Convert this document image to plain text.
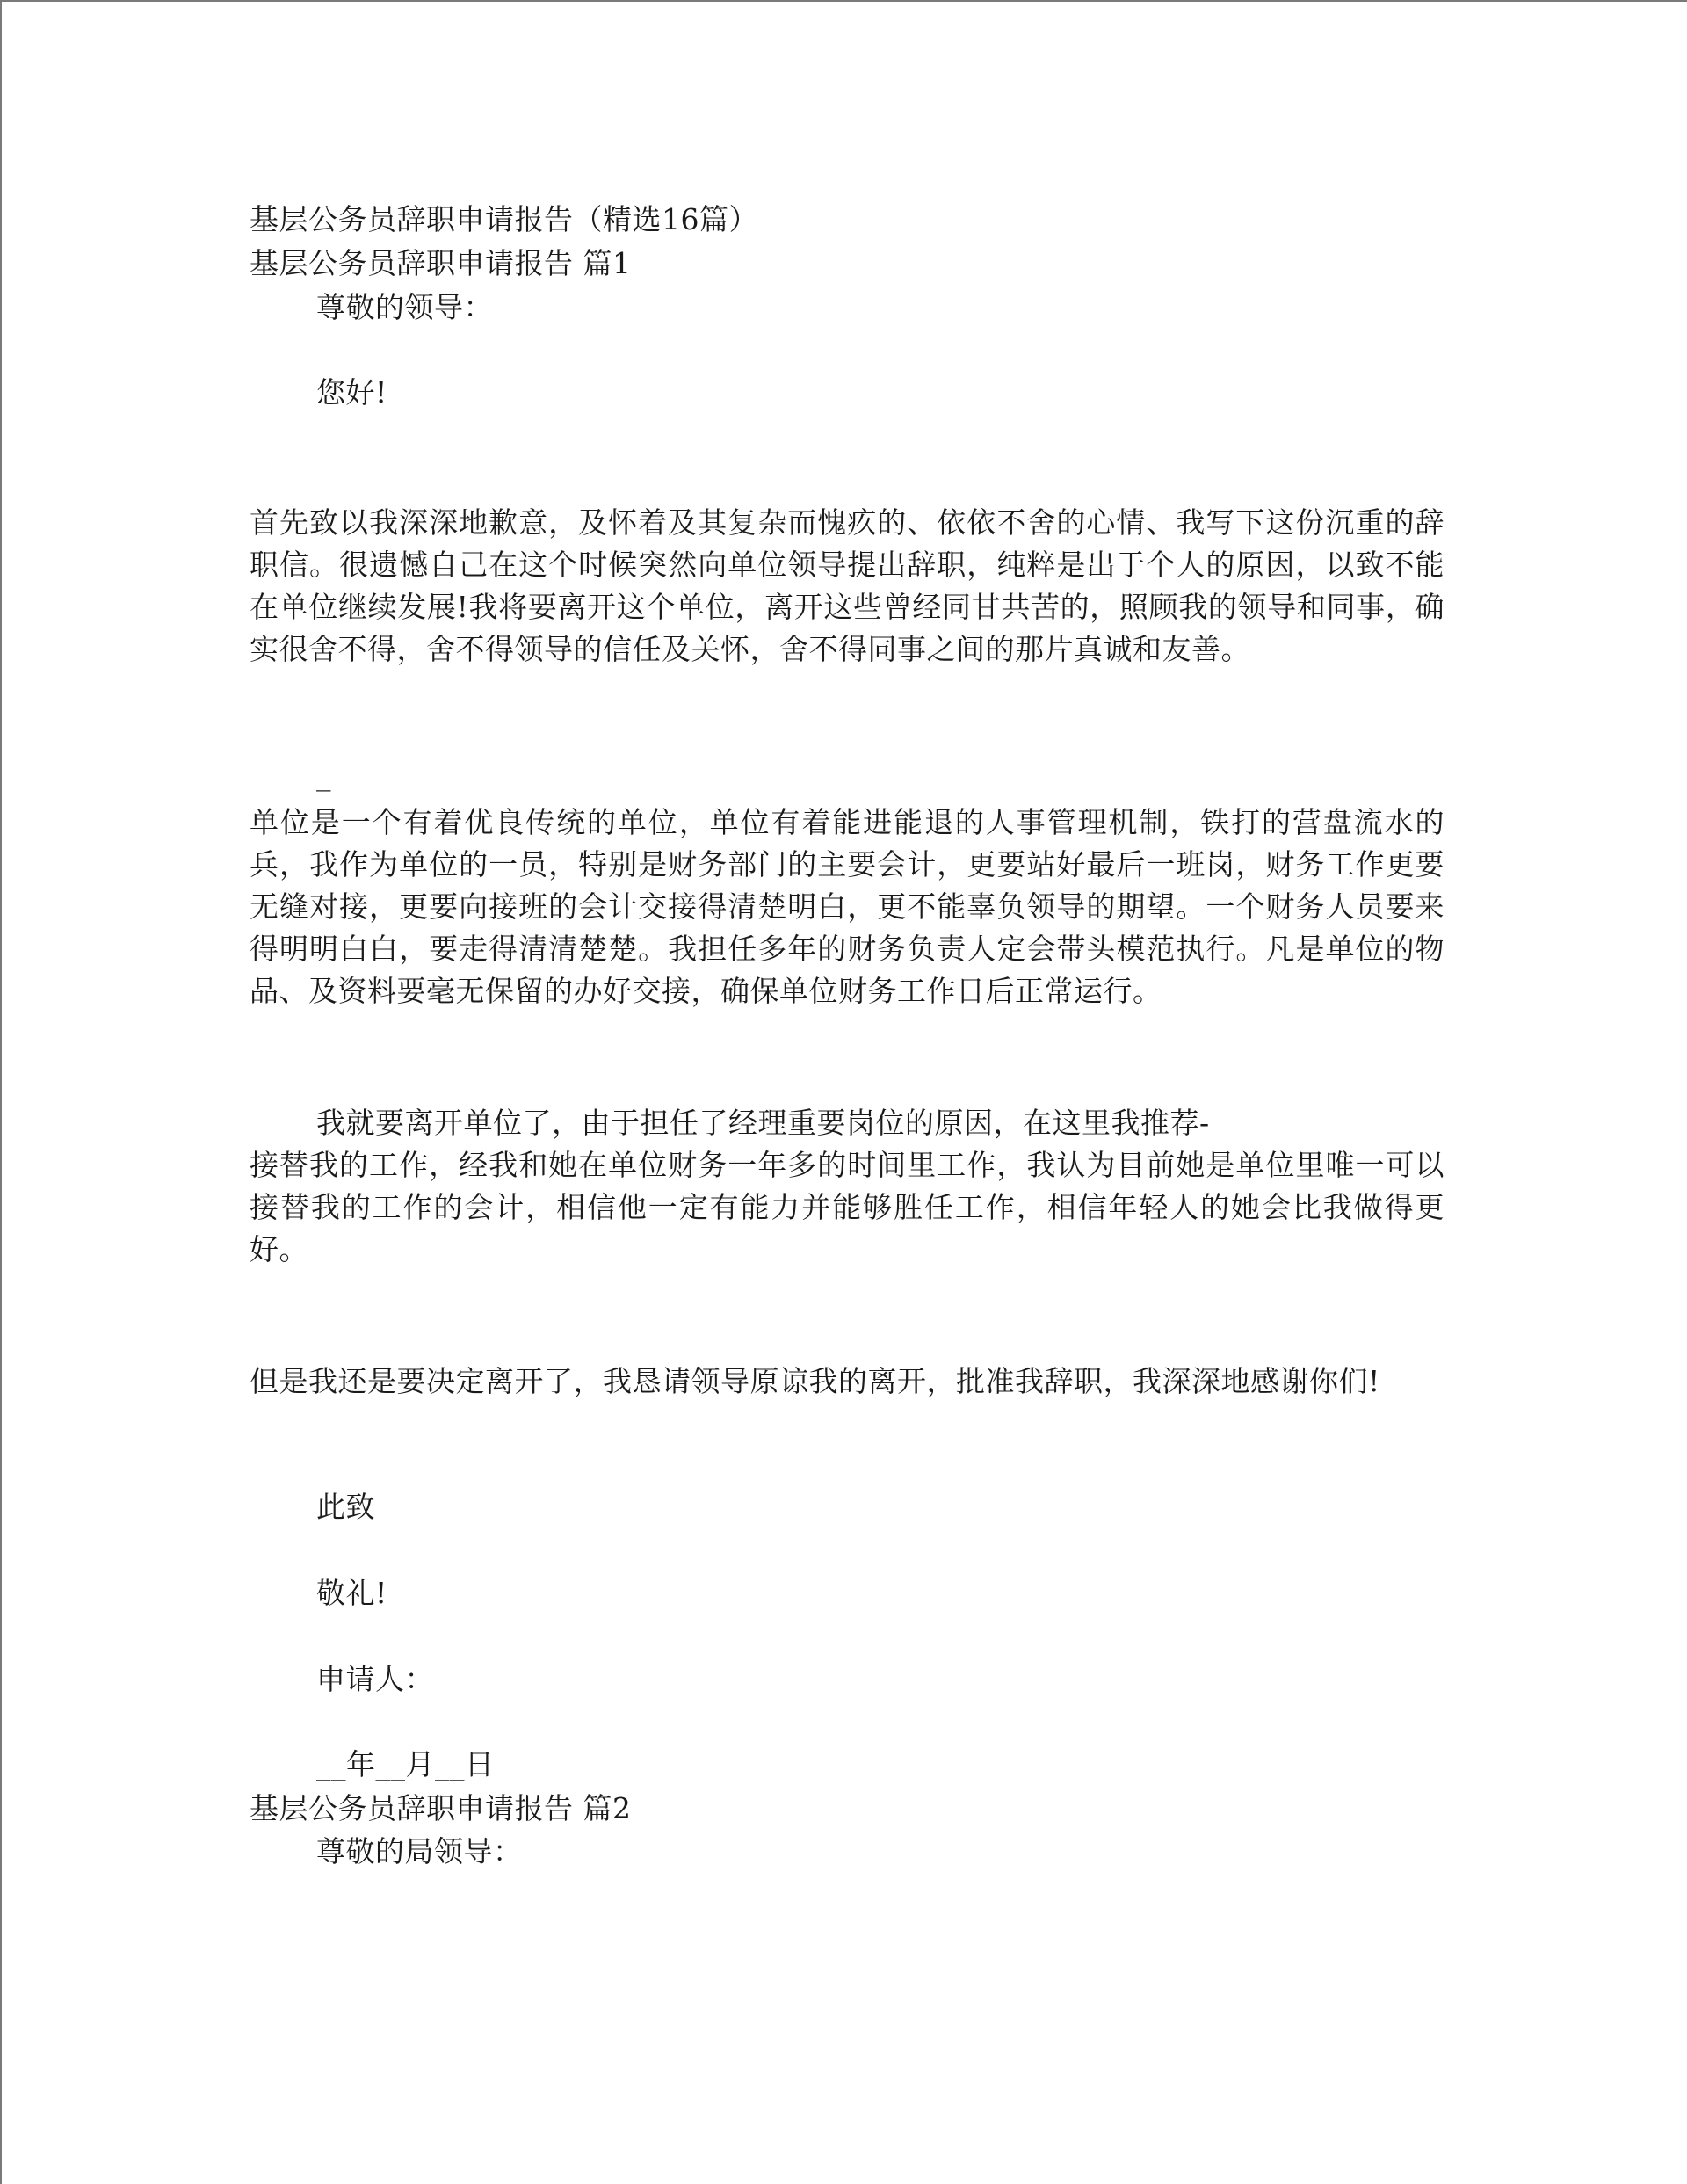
基层公务员辞职申请报告（精选16篇）
基层公务员辞职申请报告 篇1
尊敬的领导：
您好!
首先致以我深深地歉意，及怀着及其复杂而愧疚的、依依不舍的心情、我写下这份沉重的辞职信。很遗憾自己在这个时候突然向单位领导提出辞职，纯粹是出于个人的原因，以致不能在单位继续发展!我将要离开这个单位，离开这些曾经同甘共苦的，照顾我的领导和同事，确实很舍不得，舍不得领导的信任及关怀，舍不得同事之间的那片真诚和友善。
_
单位是一个有着优良传统的单位，单位有着能进能退的人事管理机制，铁打的营盘流水的兵，我作为单位的一员，特别是财务部门的主要会计，更要站好最后一班岗，财务工作更要无缝对接，更要向接班的会计交接得清楚明白，更不能辜负领导的期望。一个财务人员要来得明明白白，要走得清清楚楚。我担任多年的财务负责人定会带头模范执行。凡是单位的物品、及资料要毫无保留的办好交接，确保单位财务工作日后正常运行。
我就要离开单位了，由于担任了经理重要岗位的原因，在这里我推荐-
接替我的工作，经我和她在单位财务一年多的时间里工作，我认为目前她是单位里唯一可以接替我的工作的会计，相信他一定有能力并能够胜任工作，相信年轻人的她会比我做得更好。
但是我还是要决定离开了，我恳请领导原谅我的离开，批准我辞职，我深深地感谢你们!
此致
敬礼!
申请人：
__年__月__日
基层公务员辞职申请报告 篇2
尊敬的局领导：
